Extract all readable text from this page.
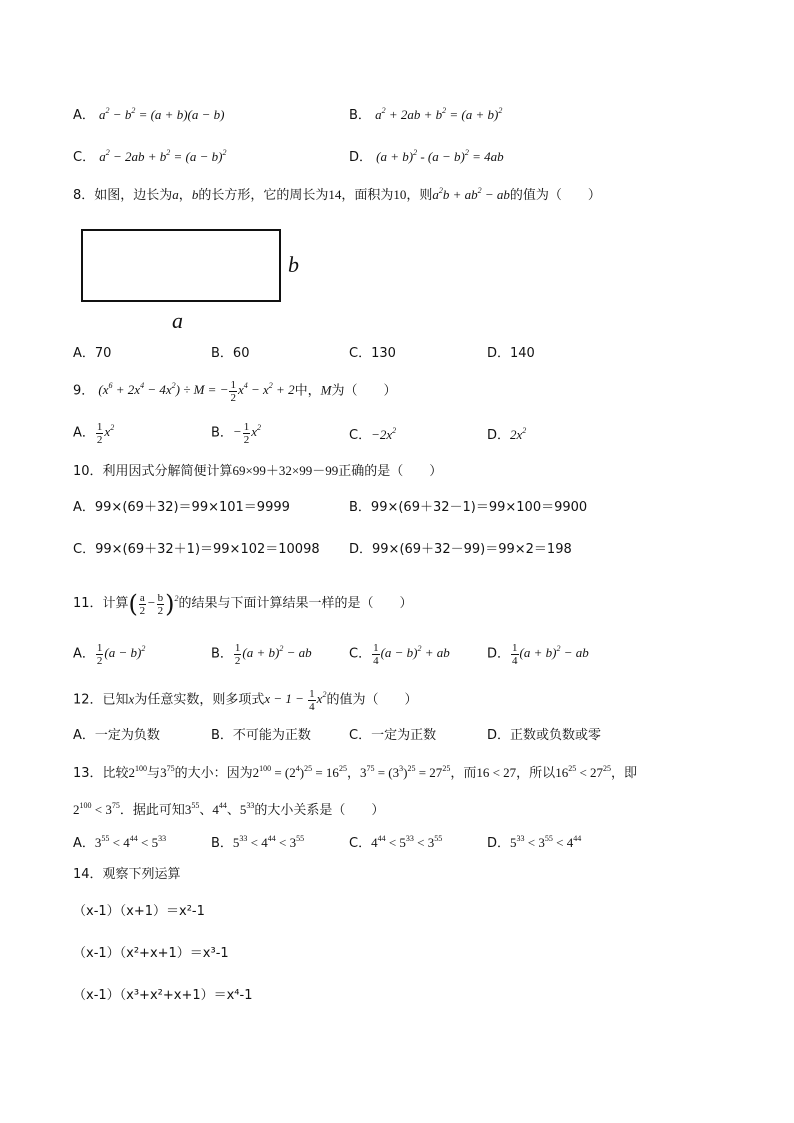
A． $a^2 - b^2 = (a + b)(a - b)$	B． $a^2 + 2ab + b^2 = (a + b)^2$
C． $a^2 - 2ab + b^2 = (a - b)^2$	D． $(a + b)^2 - (a - b)^2 = 4ab$
8．如图，边长为a，b的长方形，它的周长为14，面积为10，则$a^2b + ab^2$ − ab的值为（　　）
b
a
A．70	B．60	C．130	D．140
9． $(x^6 + 2x^4 - 4x^2) \div M$ = − $\frac{1}{2} x^4 - x^2 + 2$中，M为（　　）
A． $\frac{1}{2} x^2$	B．− $\frac{1}{2} x^2$
C．$-2x^2$	D．$2x^2$
10．利用因式分解简便计算69×99＋32×99－99正确的是（　　）
A．99×(69＋32)＝99×101＝9999	B．99×(69＋32－1)＝99×100＝9900
C．99×(69＋32＋1)＝99×102＝10098 D．99×(69＋32－99)＝99×2＝198
11．计算( $\frac{a}{2} - \frac{b}{2} )^2$的结果与下面计算结果一样的是（　　）
A． $\frac{1}{2} (a - b)^2$	B． $\frac{1}{2} (a + b)^2$ − ab	C． $\frac{1}{4} (a - b)^2$ + ab	D． $\frac{1}{4} (a + b)^2$ − ab
12．已知x为任意实数，则多项式$x - 1 - \frac{1}{4} x^2$的值为（　　）
A．一定为负数	B．不可能为正数	C．一定为正数	D．正数或负数或零
13．比较$2^{100}$与$3^{75}$的大小：因为$2^{100} = (2^4)^{25} = 16^{25}$，$3^{75} = (3^3)^{25} = 27^{25}$，而16 < 27，所以$16^{25} < 27^{25}$，即
$2^{100} < 3^{75}$．据此可知$3^{55}$、$4^{44}$、$5^{33}$的大小关系是（　　）
A．$3^{55} < 4^{44} < 5^{33}$	B．$5^{33} < 4^{44} < 3^{55}$	C．$4^{44} < 5^{33} < 3^{55}$	D．$5^{33} < 3^{55} < 4^{44}$
14．观察下列运算
（x-1）（x+1）＝x²-1
（x-1）（x²+x+1）＝x³-1
（x-1）（x³+x²+x+1）＝x⁴-1
